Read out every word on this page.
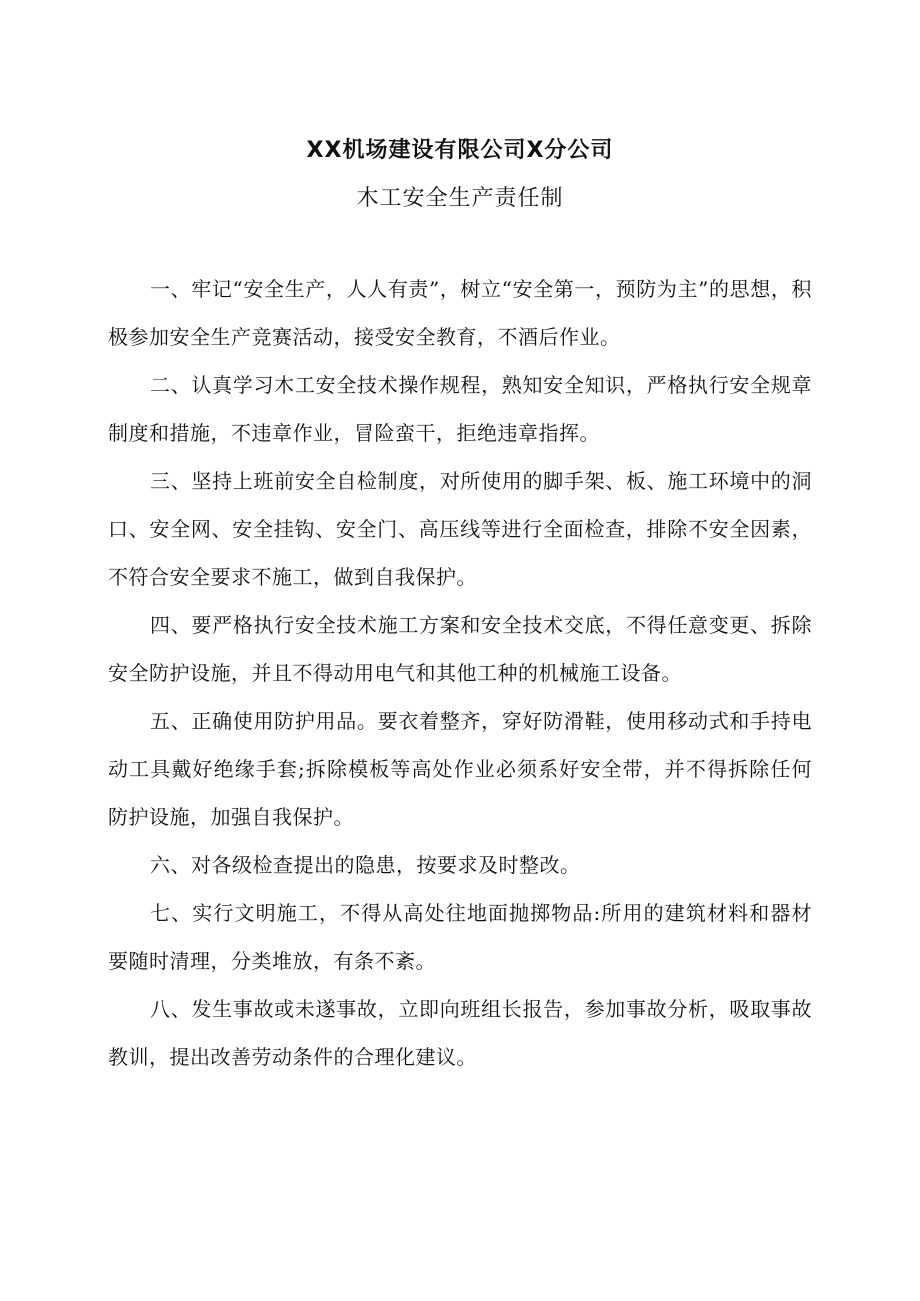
XX机场建设有限公司X分公司
木工安全生产责任制

一、牢记“安全生产，人人有责”，树立“安全第一，预防为主”的思想，积极参加安全生产竞赛活动，接受安全教育，不酒后作业。

二、认真学习木工安全技术操作规程，熟知安全知识，严格执行安全规章制度和措施，不违章作业，冒险蛮干，拒绝违章指挥。

三、坚持上班前安全自检制度，对所使用的脚手架、板、施工环境中的洞口、安全网、安全挂钩、安全门、高压线等进行全面检查，排除不安全因素，不符合安全要求不施工，做到自我保护。

四、要严格执行安全技术施工方案和安全技术交底，不得任意变更、拆除安全防护设施，并且不得动用电气和其他工种的机械施工设备。

五、正确使用防护用品。要衣着整齐，穿好防滑鞋，使用移动式和手持电动工具戴好绝缘手套;拆除模板等高处作业必须系好安全带，并不得拆除任何防护设施，加强自我保护。

六、对各级检查提出的隐患，按要求及时整改。

七、实行文明施工，不得从高处往地面抛掷物品:所用的建筑材料和器材要随时清理，分类堆放，有条不紊。

八、发生事故或未遂事故，立即向班组长报告，参加事故分析，吸取事故教训，提出改善劳动条件的合理化建议。
